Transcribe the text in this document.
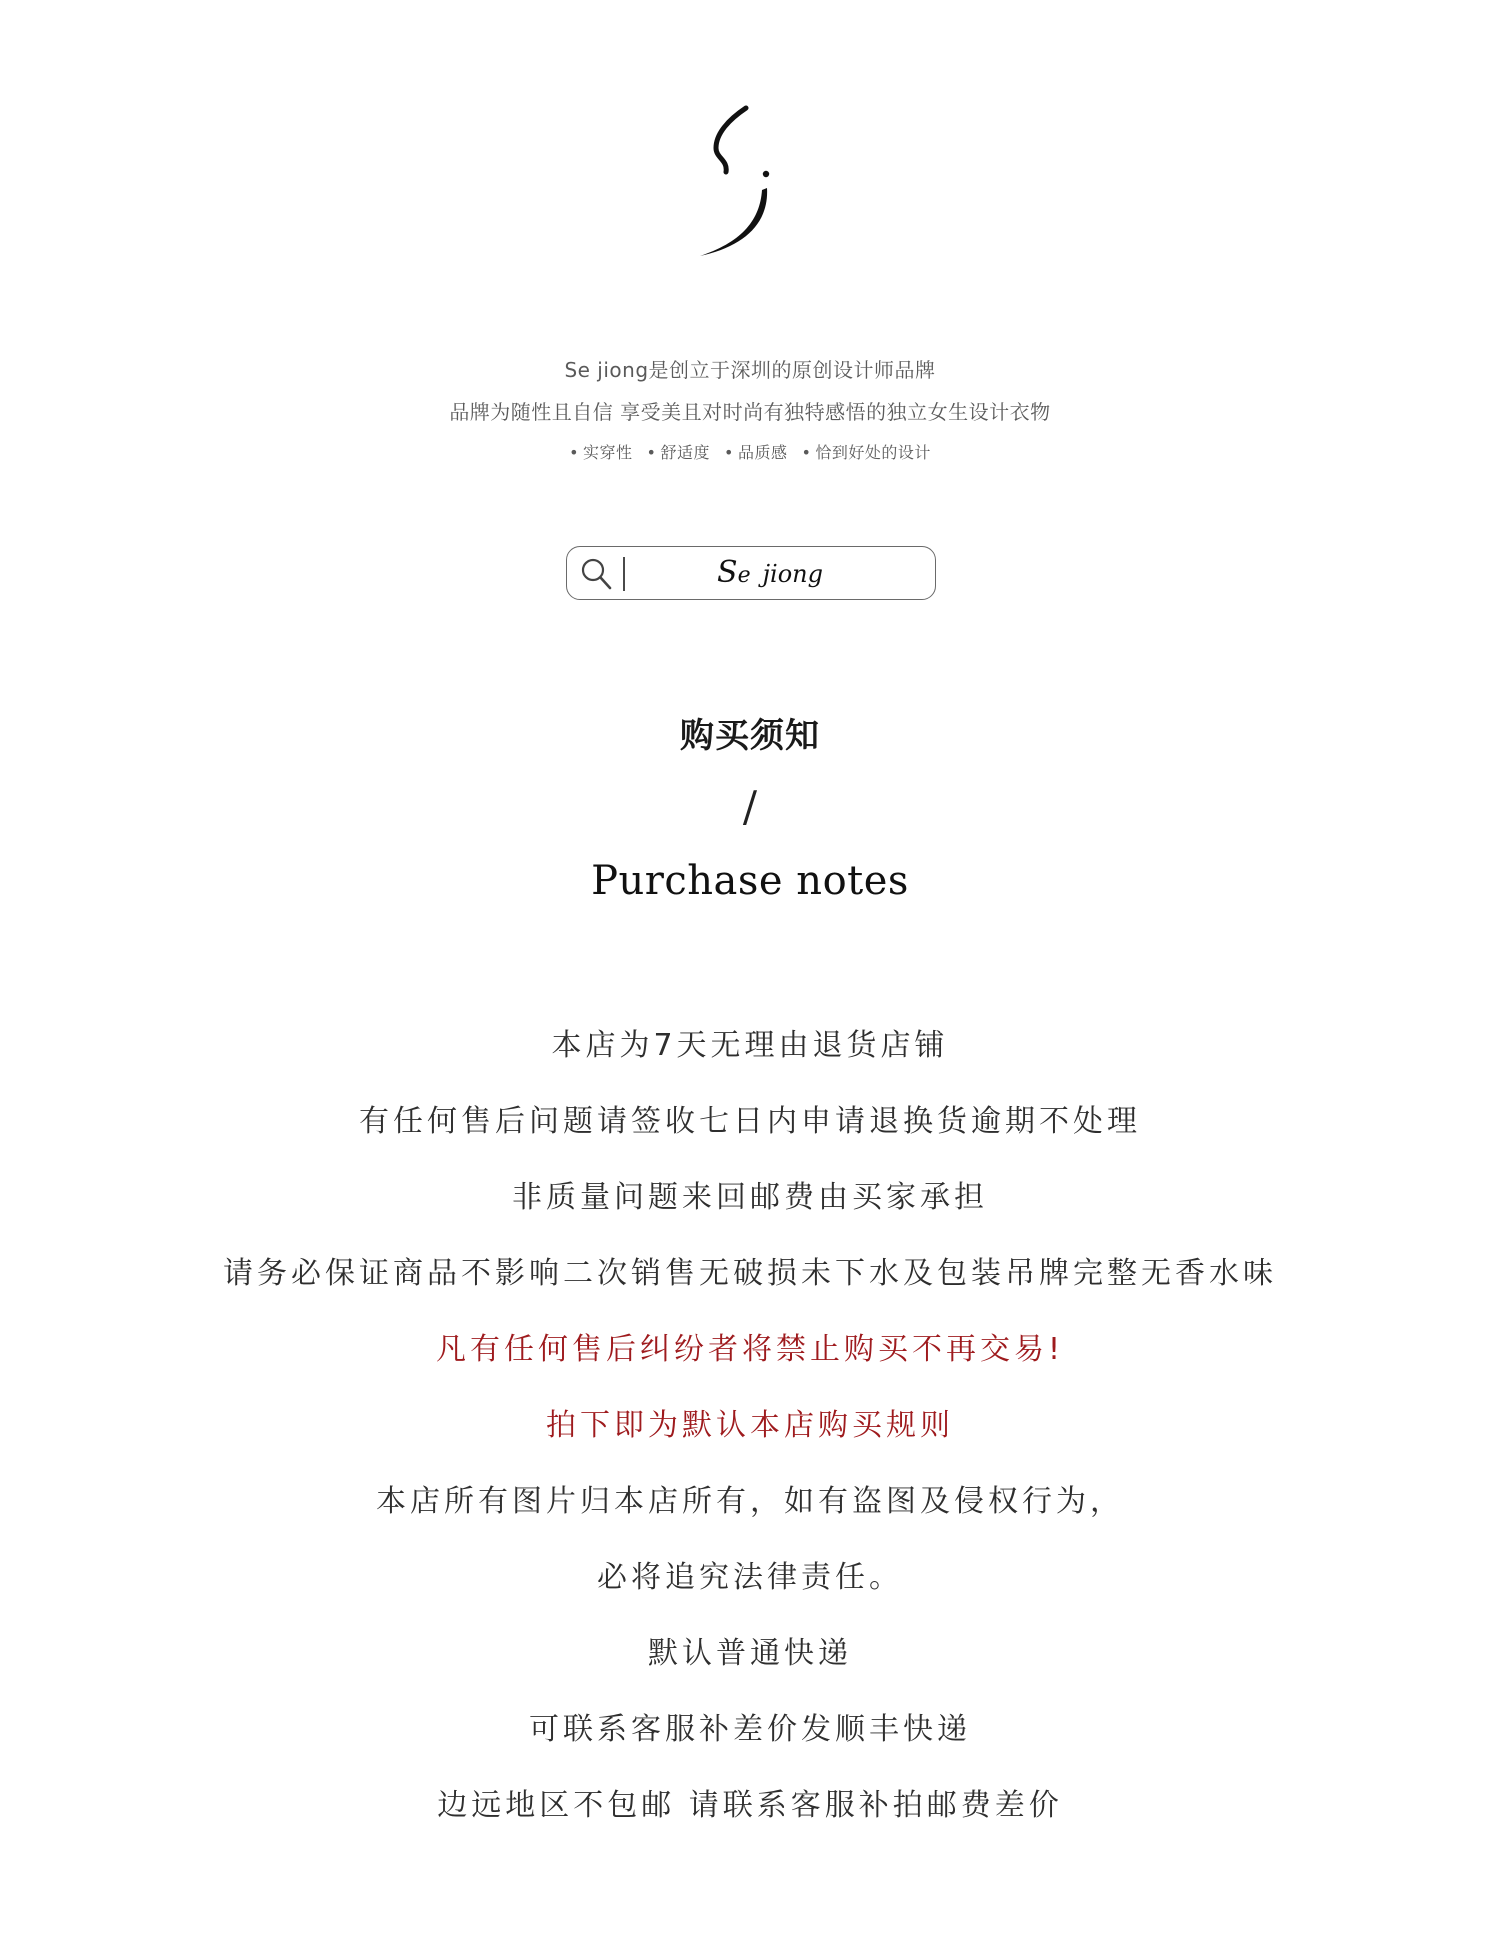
Se jiong是创立于深圳的原创设计师品牌
品牌为随性且自信 享受美且对时尚有独特感悟的独立女生设计衣物
• 实穿性 • 舒适度 • 品质感 • 恰到好处的设计
Se jiong
购买须知
/
Purchase notes
本店为7天无理由退货店铺
有任何售后问题请签收七日内申请退换货逾期不处理
非质量问题来回邮费由买家承担
请务必保证商品不影响二次销售无破损未下水及包装吊牌完整无香水味
凡有任何售后纠纷者将禁止购买不再交易!
拍下即为默认本店购买规则
本店所有图片归本店所有，如有盗图及侵权行为，
必将追究法律责任。
默认普通快递
可联系客服补差价发顺丰快递
边远地区不包邮 请联系客服补拍邮费差价
